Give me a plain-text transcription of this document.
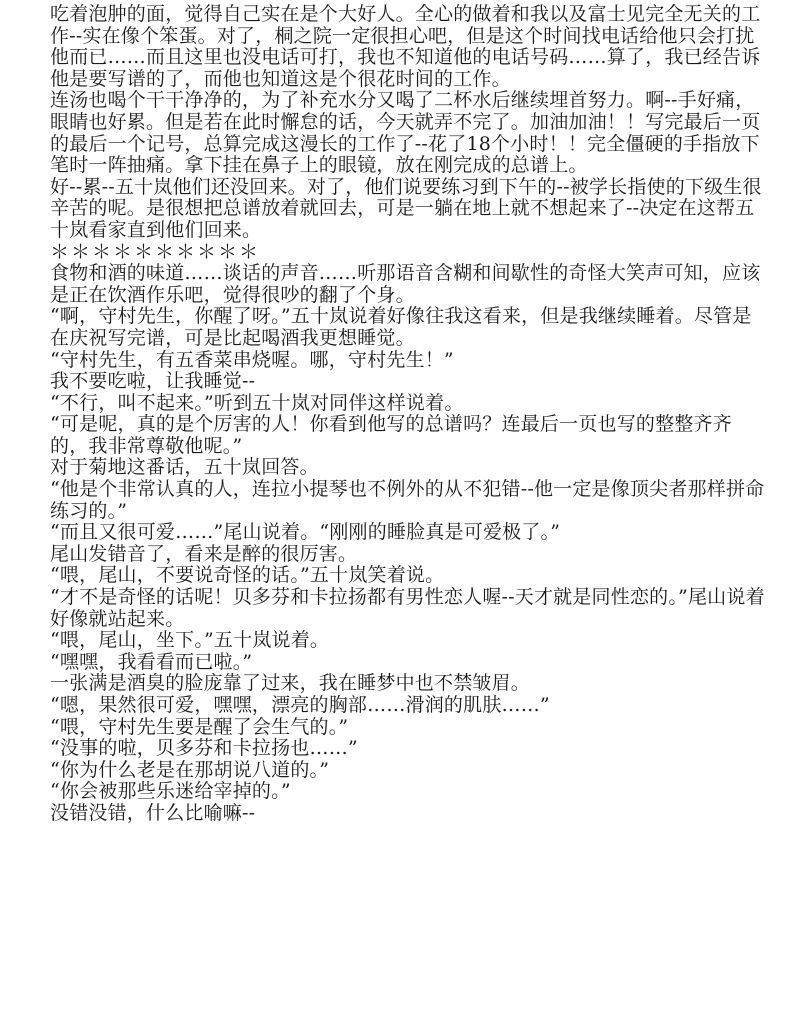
吃着泡肿的面，觉得自己实在是个大好人。全心的做着和我以及富士见完全无关的工作--实在像个笨蛋。对了，桐之院一定很担心吧，但是这个时间找电话给他只会打扰他而已……而且这里也没电话可打，我也不知道他的电话号码……算了，我已经告诉他是要写谱的了，而他也知道这是个很花时间的工作。

连汤也喝个干干净净的，为了补充水分又喝了二杯水后继续埋首努力。啊--手好痛，眼睛也好累。但是若在此时懈怠的话，今天就弄不完了。加油加油！！写完最后一页的最后一个记号，总算完成这漫长的工作了--花了18个小时！！完全僵硬的手指放下笔时一阵抽痛。拿下挂在鼻子上的眼镜，放在刚完成的总谱上。

好--累--五十岚他们还没回来。对了，他们说要练习到下午的--被学长指使的下级生很辛苦的呢。是很想把总谱放着就回去，可是一躺在地上就不想起来了--决定在这帮五十岚看家直到他们回来。

＊＊＊＊＊＊＊＊＊＊

食物和酒的味道……谈话的声音……听那语音含糊和间歇性的奇怪大笑声可知，应该是正在饮酒作乐吧，觉得很吵的翻了个身。

“啊，守村先生，你醒了呀。”五十岚说着好像往我这看来，但是我继续睡着。尽管是在庆祝写完谱，可是比起喝酒我更想睡觉。

“守村先生，有五香菜串烧喔。哪，守村先生！”

我不要吃啦，让我睡觉--

“不行，叫不起来。”听到五十岚对同伴这样说着。

“可是呢，真的是个厉害的人！你看到他写的总谱吗？连最后一页也写的整整齐齐的，我非常尊敬他呢。”

对于菊地这番话，五十岚回答。

“他是个非常认真的人，连拉小提琴也不例外的从不犯错--他一定是像顶尖者那样拼命练习的。”

“而且又很可爱……”尾山说着。“刚刚的睡脸真是可爱极了。”

尾山发错音了，看来是醉的很厉害。

“喂，尾山，不要说奇怪的话。”五十岚笑着说。

“才不是奇怪的话呢！贝多芬和卡拉扬都有男性恋人喔--天才就是同性恋的。”尾山说着好像就站起来。

“喂，尾山，坐下。”五十岚说着。

“嘿嘿，我看看而已啦。”

一张满是酒臭的脸庞靠了过来，我在睡梦中也不禁皱眉。

“嗯，果然很可爱，嘿嘿，漂亮的胸部……滑润的肌肤……”

“喂，守村先生要是醒了会生气的。”

“没事的啦，贝多芬和卡拉扬也……”

“你为什么老是在那胡说八道的。”

“你会被那些乐迷给宰掉的。”

没错没错，什么比喻嘛--
